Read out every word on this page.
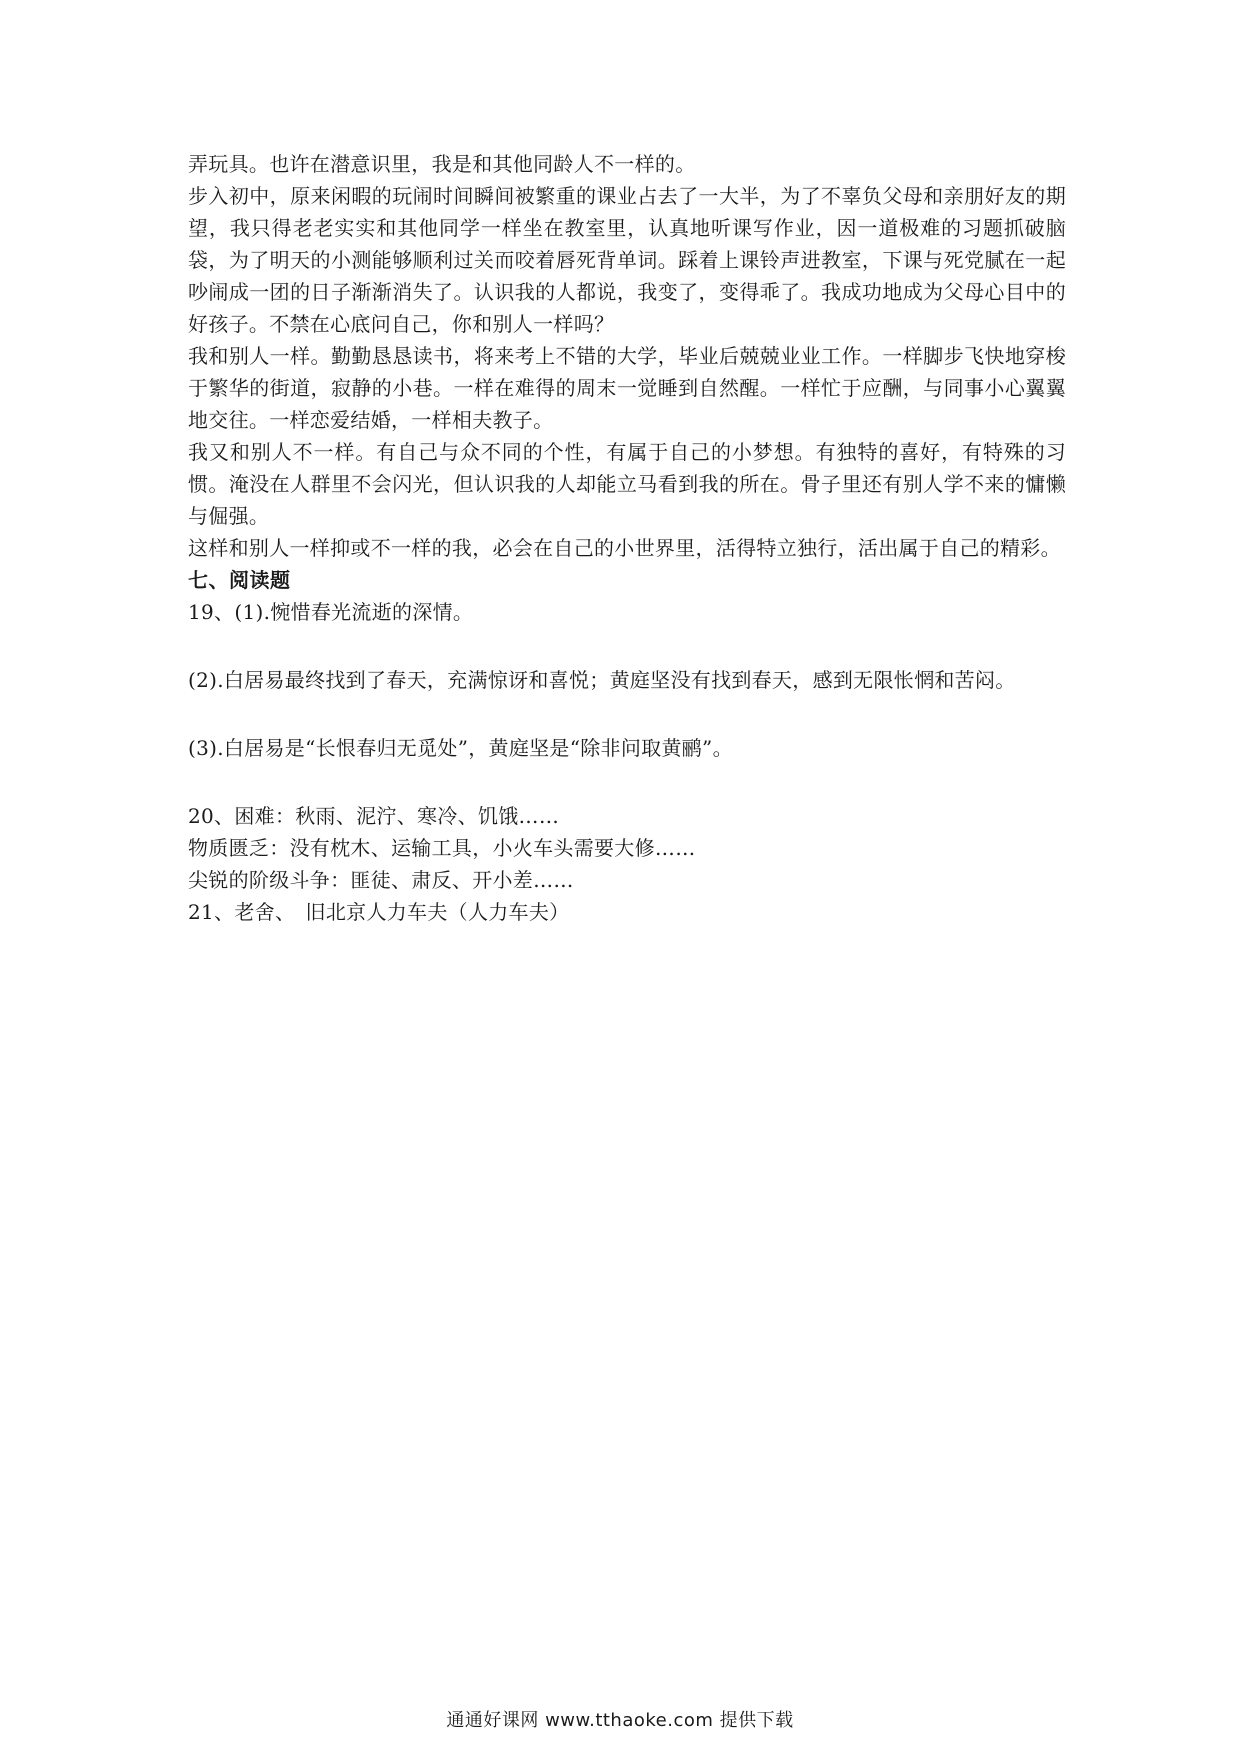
弄玩具。也许在潜意识里，我是和其他同龄人不一样的。

步入初中，原来闲暇的玩闹时间瞬间被繁重的课业占去了一大半，为了不辜负父母和亲朋好友的期望，我只得老老实实和其他同学一样坐在教室里，认真地听课写作业，因一道极难的习题抓破脑袋，为了明天的小测能够顺利过关而咬着唇死背单词。踩着上课铃声进教室，下课与死党腻在一起吵闹成一团的日子渐渐消失了。认识我的人都说，我变了，变得乖了。我成功地成为父母心目中的好孩子。不禁在心底问自己，你和别人一样吗？

我和别人一样。勤勤恳恳读书，将来考上不错的大学，毕业后兢兢业业工作。一样脚步飞快地穿梭于繁华的街道，寂静的小巷。一样在难得的周末一觉睡到自然醒。一样忙于应酬，与同事小心翼翼地交往。一样恋爱结婚，一样相夫教子。

我又和别人不一样。有自己与众不同的个性，有属于自己的小梦想。有独特的喜好，有特殊的习惯。淹没在人群里不会闪光，但认识我的人却能立马看到我的所在。骨子里还有别人学不来的慵懒与倔强。

这样和别人一样抑或不一样的我，必会在自己的小世界里，活得特立独行，活出属于自己的精彩。

七、阅读题

19、(1).惋惜春光流逝的深情。

(2).白居易最终找到了春天，充满惊讶和喜悦；黄庭坚没有找到春天，感到无限怅惘和苦闷。

(3).白居易是“长恨春归无觅处”，黄庭坚是“除非问取黄鹂”。

20、困难：秋雨、泥泞、寒冷、饥饿……

物质匮乏：没有枕木、运输工具，小火车头需要大修……

尖锐的阶级斗争：匪徒、肃反、开小差……

21、老舍、　旧北京人力车夫（人力车夫）

通通好课网 www.tthaoke.com 提供下载
